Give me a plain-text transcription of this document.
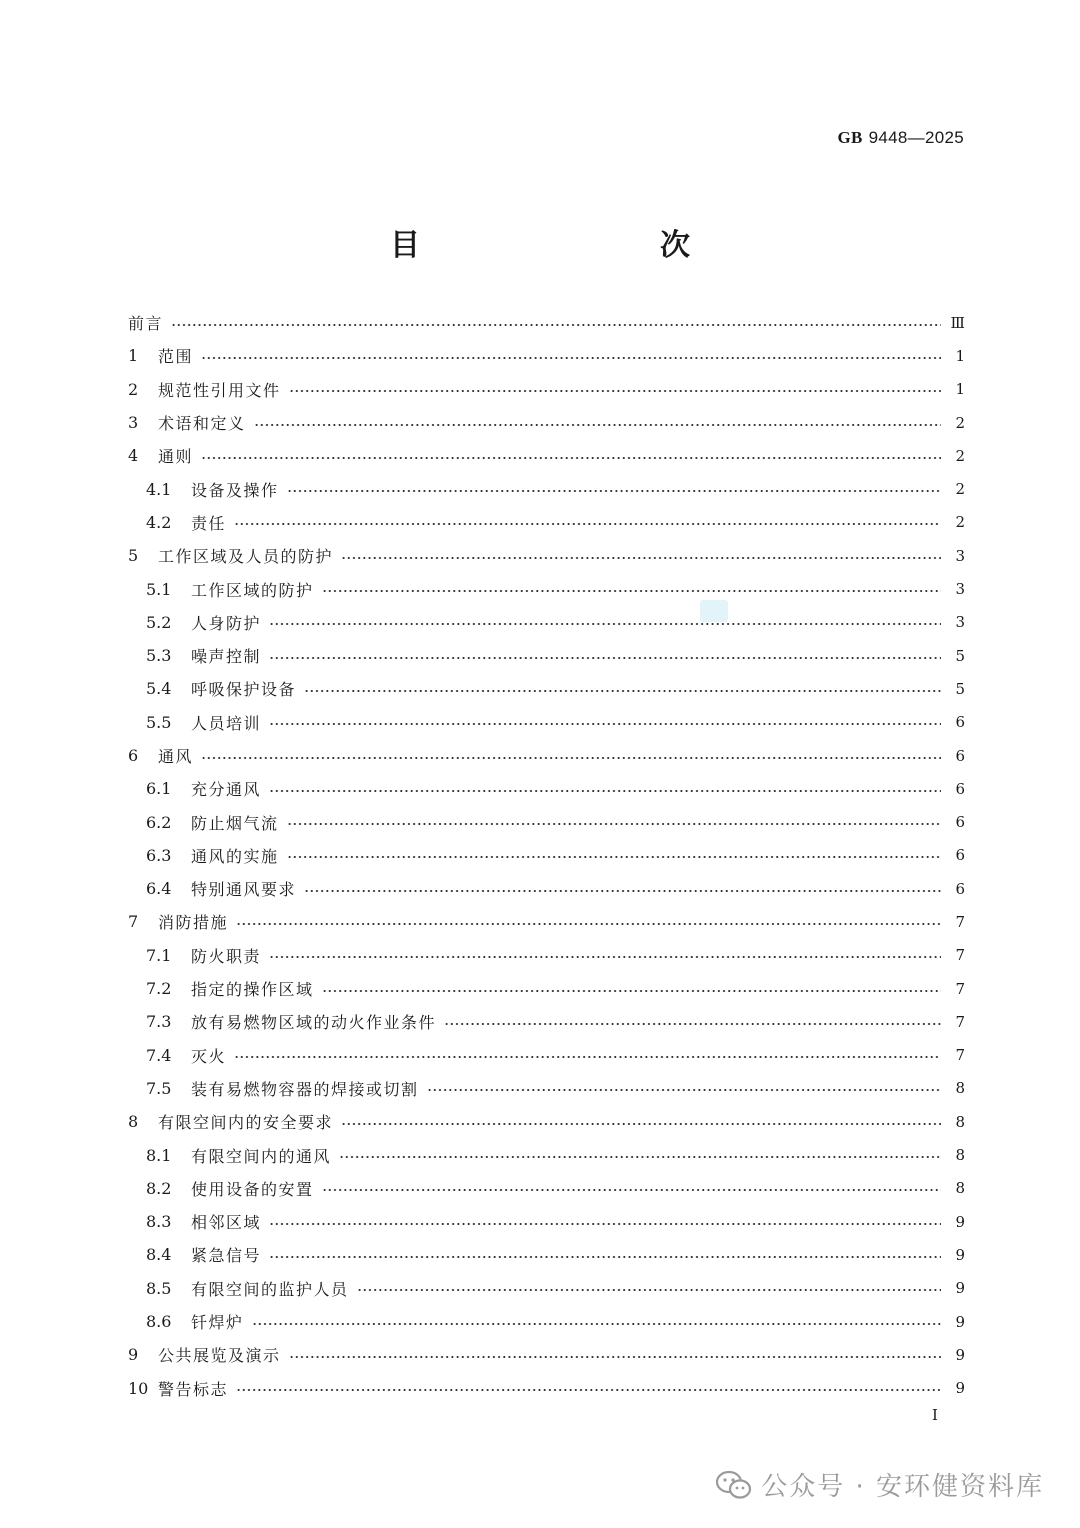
GB 9448—2025
目　　次
前言	Ⅲ
1	范围	1
2	规范性引用文件	1
3	术语和定义	2
4	通则	2
4.1	设备及操作	2
4.2	责任	2
5	工作区域及人员的防护	3
5.1	工作区域的防护	3
5.2	人身防护	3
5.3	噪声控制	5
5.4	呼吸保护设备	5
5.5	人员培训	6
6	通风	6
6.1	充分通风	6
6.2	防止烟气流	6
6.3	通风的实施	6
6.4	特别通风要求	6
7	消防措施	7
7.1	防火职责	7
7.2	指定的操作区域	7
7.3	放有易燃物区域的动火作业条件	7
7.4	灭火	7
7.5	装有易燃物容器的焊接或切割	8
8	有限空间内的安全要求	8
8.1	有限空间内的通风	8
8.2	使用设备的安置	8
8.3	相邻区域	9
8.4	紧急信号	9
8.5	有限空间的监护人员	9
8.6	钎焊炉	9
9	公共展览及演示	9
10 警告标志	9
I
公众号 · 安环健资料库
